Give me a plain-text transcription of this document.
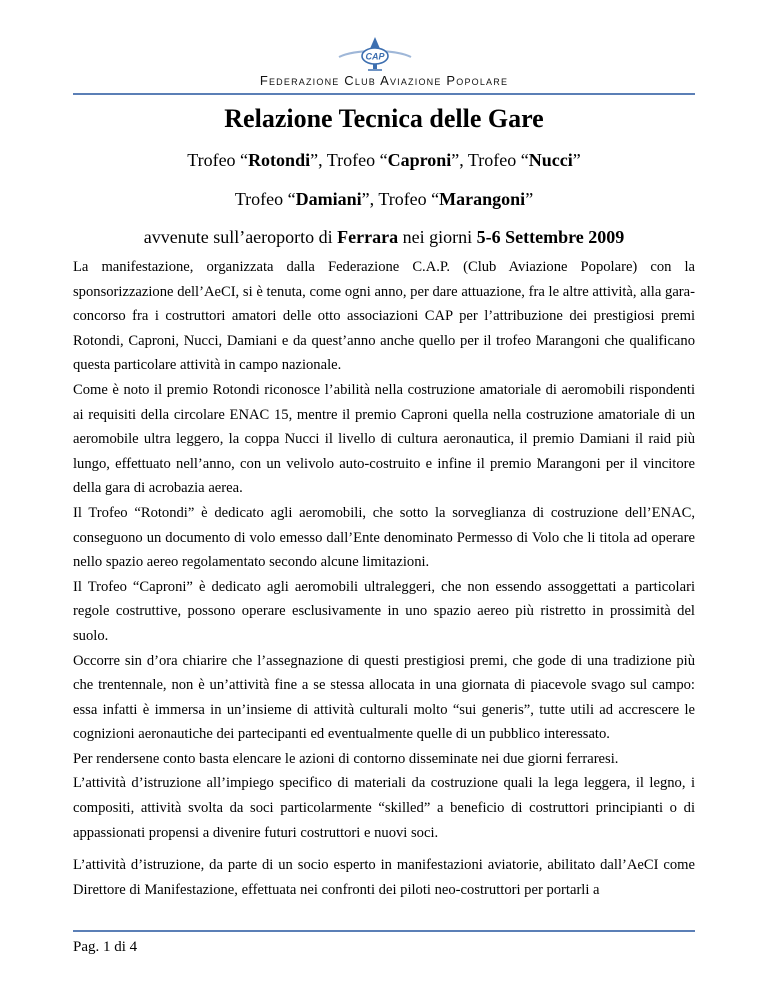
CAP
Federazione Club Aviazione Popolare
Relazione Tecnica delle Gare
Trofeo “Rotondi”, Trofeo “Caproni”, Trofeo “Nucci”
Trofeo “Damiani”, Trofeo “Marangoni”
avvenute sull’aeroporto di Ferrara nei giorni 5-6 Settembre 2009

La manifestazione, organizzata dalla Federazione C.A.P. (Club Aviazione Popolare) con la sponsorizzazione dell’AeCI, si è tenuta, come ogni anno, per dare attuazione, fra le altre attività, alla gara-concorso fra i costruttori amatori delle otto associazioni CAP per l’attribuzione dei prestigiosi premi Rotondi, Caproni, Nucci, Damiani e da quest’anno anche quello per il trofeo Marangoni che qualificano questa particolare attività in campo nazionale.

Come è noto il premio Rotondi riconosce l’abilità nella costruzione amatoriale di aeromobili rispondenti ai requisiti della circolare ENAC 15, mentre il premio Caproni quella nella costruzione amatoriale di un aeromobile ultra leggero, la coppa Nucci il livello di cultura aeronautica, il premio Damiani il raid più lungo, effettuato nell’anno, con un velivolo auto-costruito e infine il premio Marangoni per il vincitore della gara di acrobazia aerea.

Il Trofeo “Rotondi” è dedicato agli aeromobili, che sotto la sorveglianza di costruzione dell’ENAC, conseguono un documento di volo emesso dall’Ente denominato Permesso di Volo che li titola ad operare nello spazio aereo regolamentato secondo alcune limitazioni.

Il Trofeo “Caproni” è dedicato agli aeromobili ultraleggeri, che non essendo assoggettati a particolari regole costruttive, possono operare esclusivamente in uno spazio aereo più ristretto in prossimità del suolo.

Occorre sin d’ora chiarire che l’assegnazione di questi prestigiosi premi, che gode di una tradizione più che trentennale, non è un’attività fine a se stessa allocata in una giornata di piacevole svago sul campo: essa infatti è immersa in un’insieme di attività culturali molto “sui generis”, tutte utili ad accrescere le cognizioni aeronautiche dei partecipanti ed eventualmente quelle di un pubblico interessato.

Per rendersene conto basta elencare le azioni di contorno disseminate nei due giorni ferraresi.

L’attività d’istruzione all’impiego specifico di materiali da costruzione quali la lega leggera, il legno, i compositi, attività svolta da soci particolarmente “skilled” a beneficio di costruttori principianti o di appassionati propensi a divenire futuri costruttori e nuovi soci.

L’attività d’istruzione, da parte di un socio esperto in manifestazioni aviatorie, abilitato dall’AeCI come Direttore di Manifestazione, effettuata nei confronti dei piloti neo-costruttori per portarli a

Pag. 1 di 4
